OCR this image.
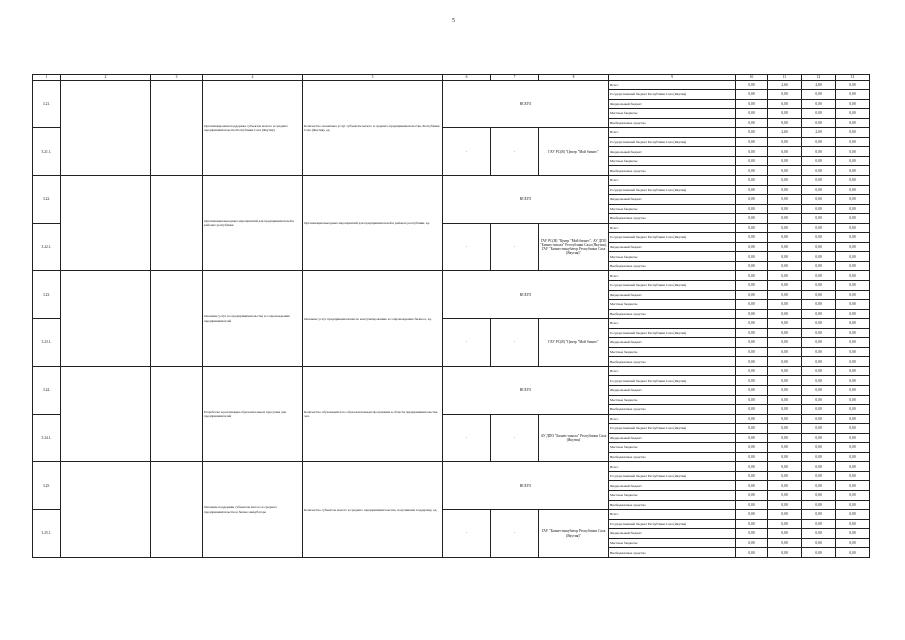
5
1	2	3	4	5	6	7	8	9	10	11	12	13
3.21.			Организационная поддержка субъектов малого и среднего предпринимательства Республики Саха (Якутия)	Количество оказанных услуг субъектам малого и среднего предпринимательства, Республики Саха (Якутия), ед.	ВСЕГО			Всего	0,00	2,60	2,00	0,00
								Государственный бюджет Республики Саха (Якутия)	0,00	0,00	0,00	0,00
								Федеральный бюджет	0,00	0,00	0,00	0,00
								Местные бюджеты	0,00	0,00	0,00	0,00
								Внебюджетные средства	0,00	0,00	0,00	0,00
3.21.1.					-	-	ГАУ РС(Я) "Центр "Мой бизнес"	Всего	0,00	2,60	2,00	0,00
								Государственный бюджет Республики Саха (Якутия)	0,00	0,00	0,00	0,00
								Федеральный бюджет	0,00	0,00	0,00	0,00
								Местные бюджеты	0,00	0,00	0,00	0,00
								Внебюджетные средства	0,00	0,00	0,00	0,00
3.22.			Организация выездных мероприятий для предпринимателей в районах республики	Организация выездных мероприятий для предпринимателей в районах республики, ед.	ВСЕГО			Всего	0,00	0,00	0,00	0,00
								Государственный бюджет Республики Саха (Якутия)	0,00	0,00	0,00	0,00
								Федеральный бюджет	0,00	0,00	0,00	0,00
								Местные бюджеты	0,00	0,00	0,00	0,00
								Внебюджетные средства	0,00	0,00	0,00	0,00
3.22.1.					-	-	ГАУ РС(Я) "Центр "Мой бизнес", АУ ДПО "Бизнес-школа" Республики Саха (Якутия), ГАУ "Бизнес-инкубатор Республики Саха (Якутия)"	Всего	0,00	0,00	0,00	0,00
								Государственный бюджет Республики Саха (Якутия)	0,00	0,00	0,00	0,00
								Федеральный бюджет	0,00	0,00	0,00	0,00
								Местные бюджеты	0,00	0,00	0,00	0,00
								Внебюджетные средства	0,00	0,00	0,00	0,00
3.23.			Оказание услуг по предпринимательству и сопровождению предпринимателей	Оказание услуг предпринимателям по консультированию и сопровождению бизнеса, ед.	ВСЕГО			Всего	0,00	0,00	0,00	0,00
								Государственный бюджет Республики Саха (Якутия)	0,00	0,00	0,00	0,00
								Федеральный бюджет	0,00	0,00	0,00	0,00
								Местные бюджеты	0,00	0,00	0,00	0,00
								Внебюджетные средства	0,00	0,00	0,00	0,00
3.23.1.					-	-	ГАУ РС(Я) "Центр "Мой бизнес"	Всего	0,00	0,00	0,00	0,00
								Государственный бюджет Республики Саха (Якутия)	0,00	0,00	0,00	0,00
								Федеральный бюджет	0,00	0,00	0,00	0,00
								Местные бюджеты	0,00	0,00	0,00	0,00
								Внебюджетные средства	0,00	0,00	0,00	0,00
3.24.			Разработка и реализация образовательных программ для предпринимателей	Количество обучающихся по образовательным программам в области предпринимательства, чел.	ВСЕГО			Всего	0,00	0,00	0,00	0,00
								Государственный бюджет Республики Саха (Якутия)	0,00	0,00	0,00	0,00
								Федеральный бюджет	0,00	0,00	0,00	0,00
								Местные бюджеты	0,00	0,00	0,00	0,00
								Внебюджетные средства	0,00	0,00	0,00	0,00
3.24.1.					-	-	АУ ДПО "Бизнес-школа" Республики Саха (Якутия)	Всего	0,00	0,00	0,00	0,00
								Государственный бюджет Республики Саха (Якутия)	0,00	0,00	0,00	0,00
								Федеральный бюджет	0,00	0,00	0,00	0,00
								Местные бюджеты	0,00	0,00	0,00	0,00
								Внебюджетные средства	0,00	0,00	0,00	0,00
3.25.			Оказание поддержки субъектам малого и среднего предпринимательства в бизнес-инкубаторе	Количество субъектов малого и среднего предпринимательства, получивших поддержку, ед.	ВСЕГО			Всего	0,00	0,00	0,00	0,00
								Государственный бюджет Республики Саха (Якутия)	0,00	0,00	0,00	0,00
								Федеральный бюджет	0,00	0,00	0,00	0,00
								Местные бюджеты	0,00	0,00	0,00	0,00
								Внебюджетные средства	0,00	0,00	0,00	0,00
3.25.1.					-	-	ГАУ "Бизнес-инкубатор Республики Саха (Якутия)"	Всего	0,00	0,00	0,00	0,00
								Государственный бюджет Республики Саха (Якутия)	0,00	0,00	0,00	0,00
								Федеральный бюджет	0,00	0,00	0,00	0,00
								Местные бюджеты	0,00	0,00	0,00	0,00
								Внебюджетные средства	0,00	0,00	0,00	0,00
